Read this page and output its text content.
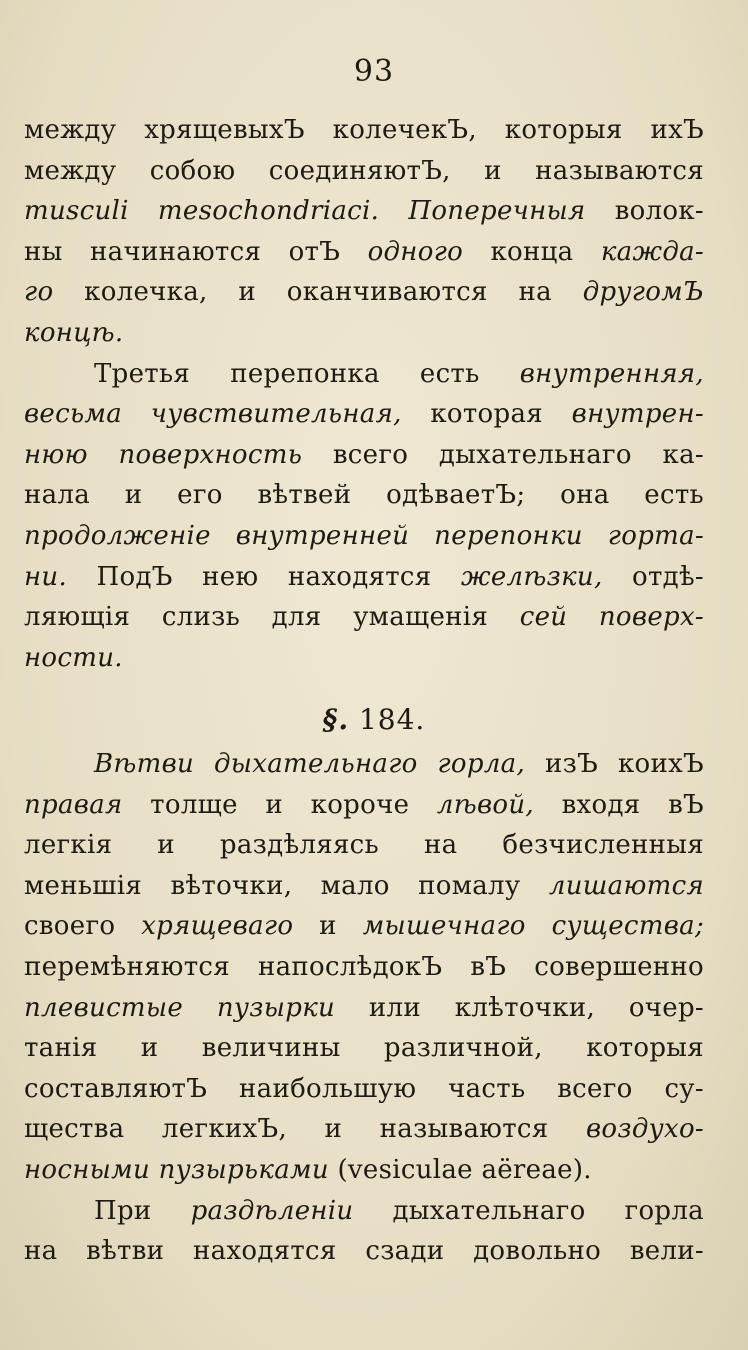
93
между хрящевыхЪ колечекЪ, которыя ихЪ
между собою соединяютЪ, и называются
musculi mesochondriaci. Поперечныя волок-
ны начинаются отЪ одного конца кажда-
го колечка, и оканчиваются на другомЪ
концѣ.
Третья перепонка есть внутренняя,
весьма чувствительная, которая внутрен-
нюю поверхность всего дыхательнаго ка-
нала и его вѣтвей одѣваетЪ; она есть
продолженіе внутренней перепонки горта-
ни. ПодЪ нею находятся желѣзки, отдѣ-
ляющія слизь для умащенія сей поверх-
ности.
§. 184.
Вѣтви дыхательнаго горла, изЪ коихЪ
правая толще и короче лѣвой, входя вЪ
легкія и раздѣляясь на безчисленныя
меньшія вѣточки, мало помалу лишаются
своего хрящеваго и мышечнаго существа;
перемѣняются напослѣдокЪ вЪ совершенно
плевистые пузырки или клѣточки, очер-
танія и величины различной, которыя
составляютЪ наибольшую часть всего су-
щества легкихЪ, и называются воздухо-
носными пузырьками (vesiculae aëreae).
При раздѣленіи дыхательнаго горла
на вѣтви находятся сзади довольно вели-
